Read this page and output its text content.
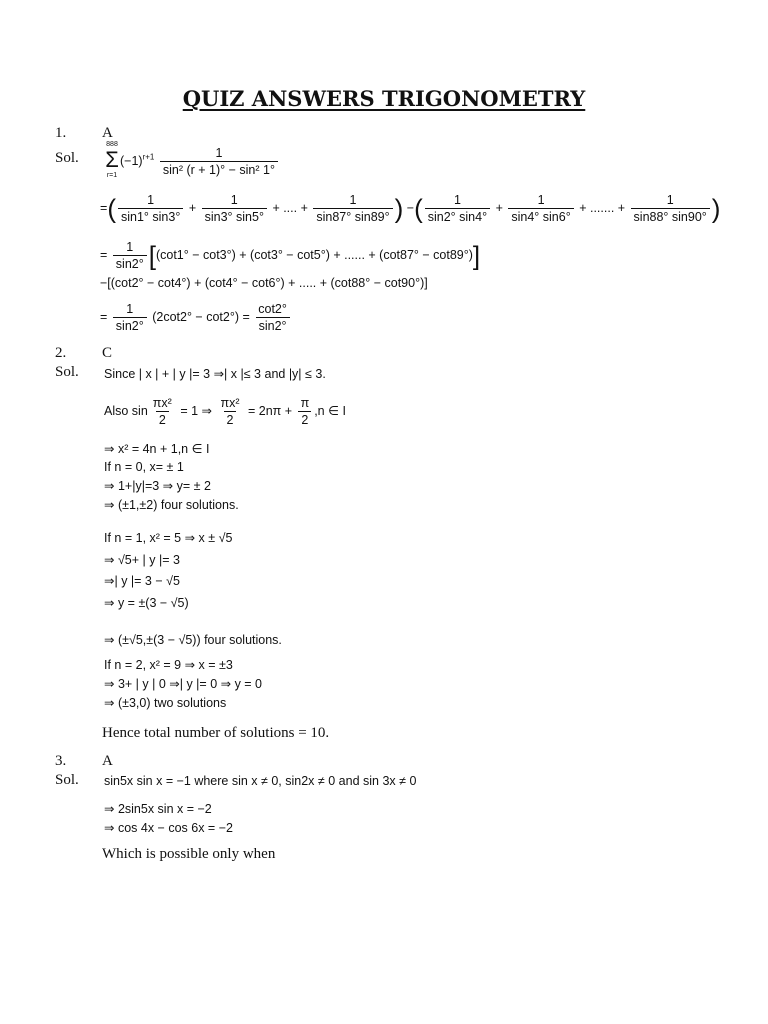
QUIZ ANSWERS TRIGONOMETRY
1. A
Sol.
888
Σ
r=1
$(-1)^{r+1} \frac{1}{\text{sin² (r + 1)° − sin² 1°}}$
=( $\frac{1}{\sin 1^\circ \sin 3^\circ} + \frac{1}{\sin 3^\circ \sin 5^\circ}$ + .... + $\frac{1}{\sin 87^\circ \sin 89^\circ}$ ) −( $\frac{1}{\sin 2^\circ \sin 4^\circ} + \frac{1}{\sin 4^\circ \sin 6^\circ}$ + ....... + $\frac{1}{\sin 88^\circ \sin 90^\circ}$ )
= $\frac{1}{\sin 2^\circ} [(\cot 1^\circ - \cot 3^\circ) + (\cot 3^\circ - \cot 5^\circ)$ + ...... + (cot87° − cot89°)]
−[(cot2° − cot4°) + (cot4° − cot6°) + ..... + (cot88° − cot90°)]
= $\frac{1}{\sin 2^\circ} (2\cot 2^\circ - \cot 2^\circ) = \frac{\cot 2^\circ}{\sin 2^\circ}$
2. C
Sol. Since | x | + | y |= 3 ⇒| x |≤ 3 and |y| ≤ 3.
Also $\sin \frac{\text{πx²}}{2} = 1$ ⇒ $\frac{\text{πx²}}{2} = 2n\pi + \frac{\pi}{2} ,n$ ∈ I
⇒ x² = 4n + 1,n ∈ I
If n = 0, x= ± 1
⇒ 1+|y|=3 ⇒ y= ± 2
⇒ (±1,±2) four solutions.
If n = 1, x² = 5 ⇒ x ± √5
⇒ √5+ | y |= 3
⇒| y |= 3 − √5
⇒ y = ±(3 − √5)
⇒ (±√5,±(3 − √5)) four solutions.
If n = 2, x² = 9 ⇒ x = ±3
⇒ 3+ | y | 0 ⇒| y |= 0 ⇒ y = 0
⇒ (±3,0) two solutions
Hence total number of solutions = 10.
3. A
Sol. sin5x sin x = −1 where sin x ≠ 0, sin2x ≠ 0 and sin 3x ≠ 0
⇒ 2sin5x sin x = −2
⇒ cos 4x − cos 6x = −2
Which is possible only when
